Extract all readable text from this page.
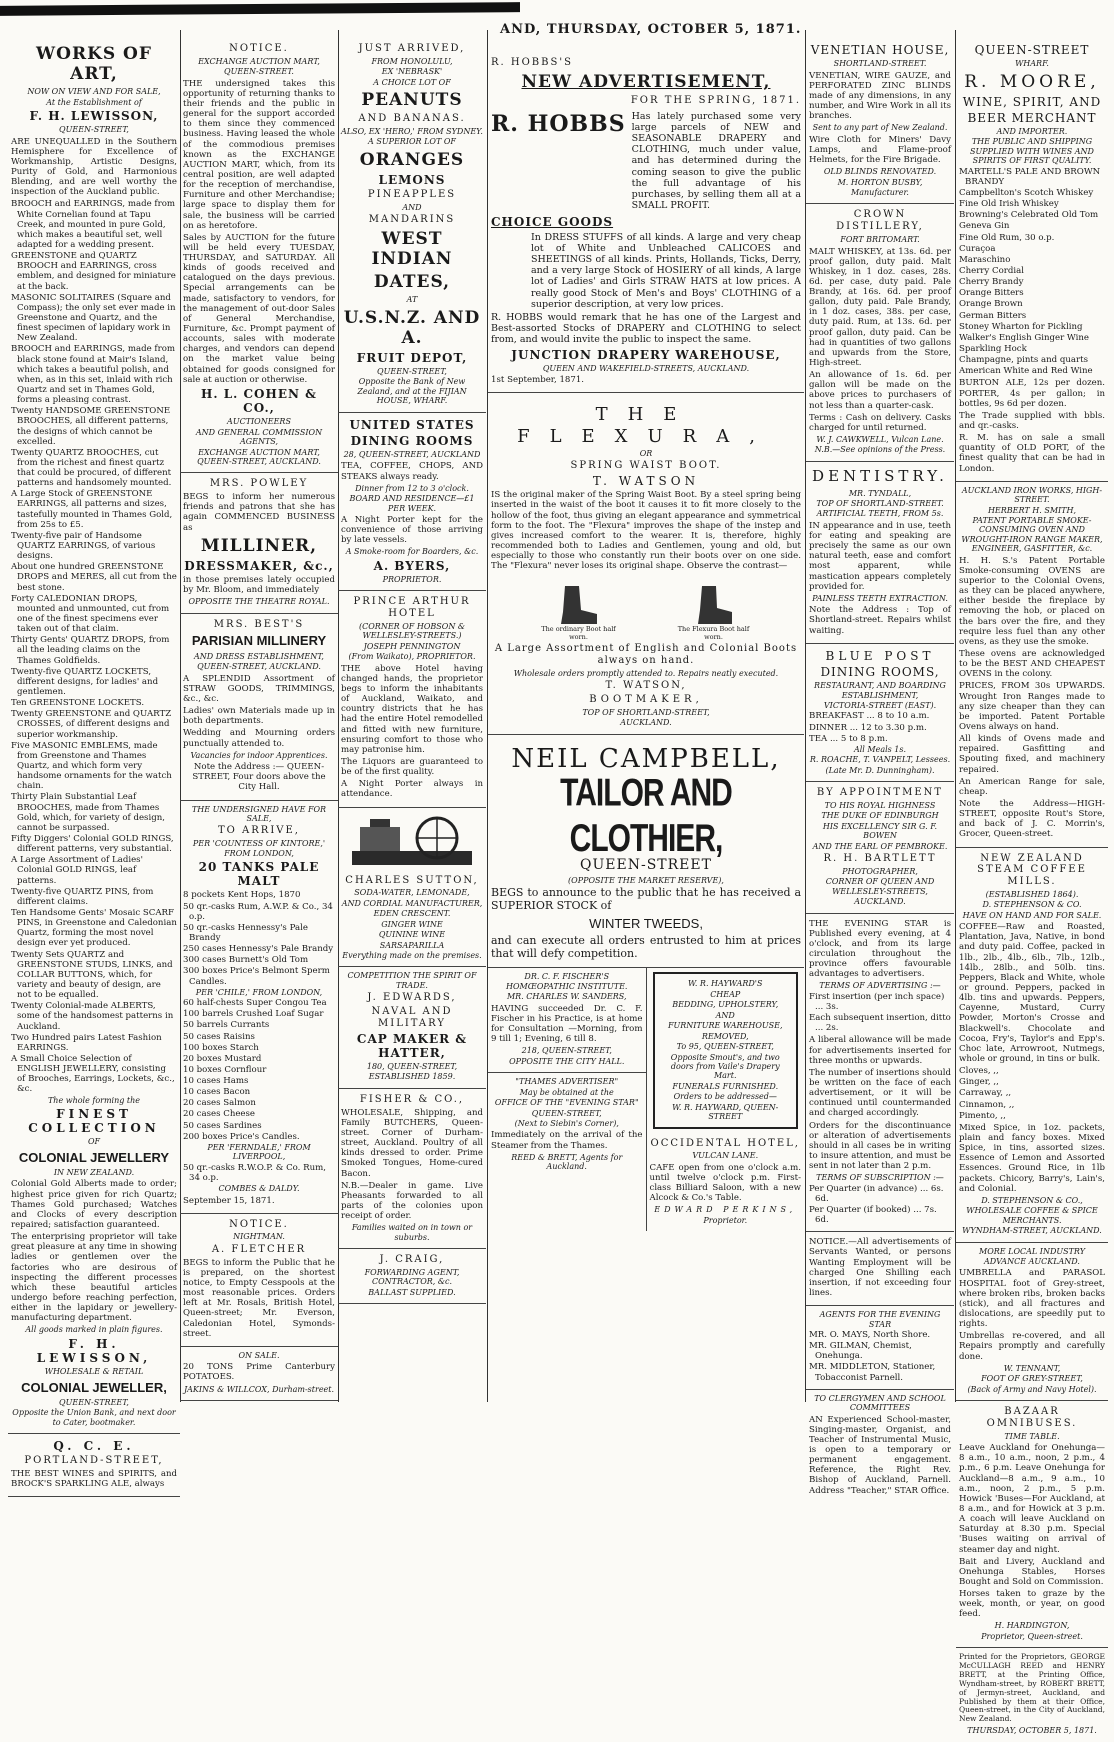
AND, THURSDAY, OCTOBER 5, 1871.
WORKS OF ART,
NOW ON VIEW AND FOR SALE,
At the Establishment of
F. H. LEWISSON,
QUEEN-STREET,
ARE UNEQUALLED in the Southern Hemisphere for Excellence of Workmanship, Artistic Designs, Purity of Gold, and Harmonious Blending, and are well worthy the inspection of the Auckland public.
BROOCH and EARRINGS, made from White Cornelian found at Tapu Creek, and mounted in pure Gold, which makes a beautiful set, well adapted for a wedding present.
GREENSTONE and QUARTZ BROOCH and EARRINGS, cross emblem, and designed for miniature at the back.
MASONIC SOLITAIRES (Square and Compass); the only set ever made in Greenstone and Quartz, and the finest specimen of lapidary work in New Zealand.
BROOCH and EARRINGS, made from black stone found at Mair's Island, which takes a beautiful polish, and when, as in this set, inlaid with rich Quartz and set in Thames Gold, forms a pleasing contrast.
Twenty HANDSOME GREENSTONE BROOCHES, all different patterns, the designs of which cannot be excelled.
Twenty QUARTZ BROOCHES, cut from the richest and finest quartz that could be procured, of different patterns and handsomely mounted.
A Large Stock of GREENSTONE EARRINGS, all patterns and sizes, tastefully mounted in Thames Gold, from 25s to £5.
Twenty-five pair of Handsome QUARTZ EARRINGS, of various designs.
About one hundred GREENSTONE DROPS and MERES, all cut from the best stone.
Forty CALEDONIAN DROPS, mounted and unmounted, cut from one of the finest specimens ever taken out of that claim.
Thirty Gents' QUARTZ DROPS, from all the leading claims on the Thames Goldfields.
Twenty-five QUARTZ LOCKETS, different designs, for ladies' and gentlemen.
Ten GREENSTONE LOCKETS.
Twenty GREENSTONE and QUARTZ CROSSES, of different designs and superior workmanship.
Five MASONIC EMBLEMS, made from Greenstone and Thames Quartz, and which form very handsome ornaments for the watch chain.
Thirty Plain Substantial Leaf BROOCHES, made from Thames Gold, which, for variety of design, cannot be surpassed.
Fifty Diggers' Colonial GOLD RINGS, different patterns, very substantial.
A Large Assortment of Ladies' Colonial GOLD RINGS, leaf patterns.
Twenty-five QUARTZ PINS, from different claims.
Ten Handsome Gents' Mosaic SCARF PINS, in Greenstone and Caledonian Quartz, forming the most novel design ever yet produced.
Twenty Sets QUARTZ and GREENSTONE STUDS, LINKS, and COLLAR BUTTONS, which, for variety and beauty of design, are not to be equalled.
Twenty Colonial-made ALBERTS, some of the handsomest patterns in Auckland.
Two Hundred pairs Latest Fashion EARRINGS.
A Small Choice Selection of ENGLISH JEWELLERY, consisting of Brooches, Earrings, Lockets, &c., &c.
The whole forming the
FINEST COLLECTION
OF
COLONIAL JEWELLERY
IN NEW ZEALAND.
Colonial Gold Alberts made to order; highest price given for rich Quartz; Thames Gold purchased; Watches and Clocks of every description repaired; satisfaction guaranteed.
The enterprising proprietor will take great pleasure at any time in showing ladies or gentlemen over the factories who are desirous of inspecting the different processes which these beautiful articles undergo before reaching perfection, either in the lapidary or jewellery-manufacturing department.
All goods marked in plain figures.
F. H. LEWISSON,
WHOLESALE & RETAIL
COLONIAL JEWELLER,
QUEEN-STREET,
Opposite the Union Bank, and next door to Cater, bootmaker.
Q. C. E.
PORTLAND-STREET,
THE BEST WINES and SPIRITS, and BROCK'S SPARKLING ALE, always
NOTICE.
EXCHANGE AUCTION MART,
QUEEN-STREET.
THE undersigned takes this opportunity of returning thanks to their friends and the public in general for the support accorded to them since they commenced business. Having leased the whole of the commodious premises known as the EXCHANGE AUCTION MART, which, from its central position, are well adapted for the reception of merchandise, Furniture and other Merchandise; large space to display them for sale, the business will be carried on as heretofore.
Sales by AUCTION for the future will be held every TUESDAY, THURSDAY, and SATURDAY. All kinds of goods received and catalogued on the days previous. Special arrangements can be made, satisfactory to vendors, for the management of out-door Sales of General Merchandise, Furniture, &c. Prompt payment of accounts, sales with moderate charges, and vendors can depend on the market value being obtained for goods consigned for sale at auction or otherwise.
H. L. COHEN & CO.,
AUCTIONEERS
AND GENERAL COMMISSION AGENTS,
EXCHANGE AUCTION MART, QUEEN-STREET, AUCKLAND.
MRS. POWLEY
BEGS to inform her numerous friends and patrons that she has again COMMENCED BUSINESS as
MILLINER,
DRESSMAKER, &c.,
in those premises lately occupied by Mr. Bloom, and immediately
OPPOSITE THE THEATRE ROYAL.
MRS. BEST'S
PARISIAN MILLINERY
AND DRESS ESTABLISHMENT,
QUEEN-STREET, AUCKLAND.
A SPLENDID Assortment of STRAW GOODS, TRIMMINGS, &c., &c.
Ladies' own Materials made up in both departments.
Wedding and Mourning orders punctually attended to.
Vacancies for indoor Apprentices.
Note the Address :— QUEEN-STREET, Four doors above the City Hall.
THE UNDERSIGNED HAVE FOR SALE,
TO ARRIVE,
PER 'COUNTESS OF KINTORE,' FROM LONDON,
20 TANKS PALE MALT
8 pockets Kent Hops, 1870
50 qr.-casks Rum, A.W.P. & Co., 34 o.p.
50 qr.-casks Hennessy's Pale Brandy
250 cases Hennessy's Pale Brandy
300 cases Burnett's Old Tom
300 boxes Price's Belmont Sperm Candles.
PER 'CHILE,' FROM LONDON,
60 half-chests Super Congou Tea
100 barrels Crushed Loaf Sugar
50 barrels Currants
50 cases Raisins
100 boxes Starch
20 boxes Mustard
10 boxes Cornflour
10 cases Hams
10 cases Bacon
20 cases Salmon
20 cases Cheese
50 cases Sardines
200 boxes Price's Candles.
PER 'FERNDALE,' FROM LIVERPOOL,
50 qr.-casks R.W.O.P. & Co. Rum, 34 o.p.
COMBES & DALDY.
September 15, 1871.
NOTICE.
NIGHTMAN.
A. FLETCHER
BEGS to inform the Public that he is prepared, on the shortest notice, to Empty Cesspools at the most reasonable prices. Orders left at Mr. Rosals, British Hotel, Queen-street; Mr. Everson, Caledonian Hotel, Symonds-street.
ON SALE.
20 TONS Prime Canterbury POTATOES.
JAKINS & WILLCOX, Durham-street.
JUST ARRIVED,
FROM HONOLULU,
EX 'NEBRASK'
A CHOICE LOT OF
PEANUTS
AND BANANAS.
ALSO, EX 'HERO,' FROM SYDNEY.
A SUPERIOR LOT OF
ORANGES
LEMONS
PINEAPPLES
AND
MANDARINS
WEST INDIAN
DATES,
AT
U.S.N.Z. AND A.
FRUIT DEPOT,
QUEEN-STREET,
Opposite the Bank of New Zealand, and at the FIJIAN HOUSE, WHARF.
UNITED STATES
DINING ROOMS
28, QUEEN-STREET, AUCKLAND
TEA, COFFEE, CHOPS, AND STEAKS always ready.
Dinner from 12 to 3 o'clock.
BOARD AND RESIDENCE—£1 PER WEEK.
A Night Porter kept for the convenience of those arriving by late vessels.
A Smoke-room for Boarders, &c.
A. BYERS,
PROPRIETOR.
PRINCE ARTHUR HOTEL
(CORNER OF HOBSON & WELLESLEY-STREETS.)
JOSEPH PENNINGTON
(From Waikato), PROPRIETOR.
THE above Hotel having changed hands, the proprietor begs to inform the inhabitants of Auckland, Waikato, and country districts that he has had the entire Hotel remodelled and fitted with new furniture, ensuring comfort to those who may patronise him.
The Liquors are guaranteed to be of the first quality.
A Night Porter always in attendance.
CHARLES SUTTON,
SODA-WATER, LEMONADE,
AND CORDIAL MANUFACTURER,
EDEN CRESCENT.
GINGER WINE
QUININE WINE
SARSAPARILLA
Everything made on the premises.
COMPETITION THE SPIRIT OF TRADE.
J. EDWARDS,
NAVAL AND MILITARY
CAP MAKER & HATTER,
180, QUEEN-STREET,
ESTABLISHED 1859.
FISHER & CO.,
WHOLESALE, Shipping, and Family BUTCHERS, Queen-street. Corner of Durham-street, Auckland. Poultry of all kinds dressed to order. Prime Smoked Tongues, Home-cured Bacon.
N.B.—Dealer in game. Live Pheasants forwarded to all parts of the colonies upon receipt of order.
Families waited on in town or suburbs.
J. CRAIG,
FORWARDING AGENT, CONTRACTOR, &c.
BALLAST SUPPLIED.
R. HOBBS'S
NEW ADVERTISEMENT,
FOR THE SPRING, 1871.
R. HOBBS Has lately purchased some very large parcels of NEW and SEASONABLE DRAPERY and CLOTHING, much under value, and has determined during the coming season to give the public the full advantage of his purchases, by selling them all at a SMALL PROFIT.
CHOICE GOODS
In DRESS STUFFS of all kinds. A large and very cheap lot of White and Unbleached CALICOES and SHEETINGS of all kinds. Prints, Hollands, Ticks, Derry, and a very large Stock of HOSIERY of all kinds, A large lot of Ladies' and Girls STRAW HATS at low prices. A really good Stock of Men's and Boys' CLOTHING of a superior description, at very low prices.
R. HOBBS would remark that he has one of the Largest and Best-assorted Stocks of DRAPERY and CLOTHING to select from, and would invite the public to inspect the same.
JUNCTION DRAPERY WAREHOUSE,
QUEEN AND WAKEFIELD-STREETS, AUCKLAND.
1st September, 1871.
THE FLEXURA,
OR
SPRING WAIST BOOT.
T. WATSON
IS the original maker of the Spring Waist Boot. By a steel spring being inserted in the waist of the boot it causes it to fit more closely to the hollow of the foot, thus giving an elegant appearance and symmetrical form to the foot. The "Flexura" improves the shape of the instep and gives increased comfort to the wearer. It is, therefore, highly recommended both to Ladies and Gentlemen, young and old, but especially to those who constantly run their boots over on one side. The "Flexura" never loses its original shape. Observe the contrast—
The ordinary Boot half worn.
The Flexura Boot half worn.
A Large Assortment of English and Colonial Boots always on hand.
Wholesale orders promptly attended to. Repairs neatly executed.
T. WATSON,
BOOTMAKER,
TOP OF SHORTLAND-STREET,
AUCKLAND.
NEIL CAMPBELL,
TAILOR AND CLOTHIER,
QUEEN-STREET
(OPPOSITE THE MARKET RESERVE),
BEGS to announce to the public that he has received a SUPERIOR STOCK of
WINTER TWEEDS,
and can execute all orders entrusted to him at prices that will defy competition.
DR. C. F. FISCHER'S HOMŒOPATHIC INSTITUTE.
MR. CHARLES W. SANDERS,
HAVING succeeded Dr. C. F. Fischer in his Practice, is at home for Consultation —Morning, from 9 till 1; Evening, 6 till 8.
218, QUEEN-STREET,
OPPOSITE THE CITY HALL.
"THAMES ADVERTISER"
May be obtained at the
OFFICE OF THE "EVENING STAR"
QUEEN-STREET,
(Next to Siebin's Corner),
Immediately on the arrival of the Steamer from the Thames.
REED & BRETT, Agents for Auckland.
W. R. HAYWARD'S
CHEAP
BEDDING, UPHOLSTERY,
AND
FURNITURE WAREHOUSE,
REMOVED,
To 95, QUEEN-STREET,
Opposite Smout's, and two doors from Vaile's Drapery Mart.
FUNERALS FURNISHED.
Orders to be addressed—
W. R. HAYWARD, QUEEN-STREET
OCCIDENTAL HOTEL,
VULCAN LANE.
CAFE open from one o'clock a.m. until twelve o'clock p.m. First-class Billiard Saloon, with a new Alcock & Co.'s Table.
EDWARD PERKINS,
Proprietor.
VENETIAN HOUSE,
SHORTLAND-STREET.
VENETIAN, WIRE GAUZE, and PERFORATED ZINC BLINDS made of any dimensions, in any number, and Wire Work in all its branches.
Sent to any part of New Zealand.
Wire Cloth for Miners' Davy Lamps, and Flame-proof Helmets, for the Fire Brigade.
OLD BLINDS RENOVATED.
M. HORTON BUSBY,
Manufacturer.
CROWN DISTILLERY,
FORT BRITOMART.
MALT WHISKEY, at 13s. 6d. per proof gallon, duty paid. Malt Whiskey, in 1 doz. cases, 28s. 6d. per case, duty paid. Pale Brandy, at 16s. 6d. per proof gallon, duty paid. Pale Brandy, in 1 doz. cases, 38s. per case, duty paid. Rum, at 13s. 6d. per proof gallon, duty paid. Can be had in quantities of two gallons and upwards from the Store, High-street.
An allowance of 1s. 6d. per gallon will be made on the above prices to purchasers of not less than a quarter-cask.
Terms : Cash on delivery. Casks charged for until returned.
W. J. CAWKWELL, Vulcan Lane.
N.B.—See opinions of the Press.
DENTISTRY.
MR. TYNDALL,
TOP OF SHORTLAND-STREET.
ARTIFICIAL TEETH, FROM 5s.
IN appearance and in use, teeth for eating and speaking are precisely the same as our own natural teeth, ease and comfort most apparent, while mastication appears completely provided for.
PAINLESS TEETH EXTRACTION.
Note the Address : Top of Shortland-street. Repairs whilst waiting.
BLUE POST
DINING ROOMS,
RESTAURANT, AND BOARDING ESTABLISHMENT,
VICTORIA-STREET (EAST).
BREAKFAST ... 8 to 10 a.m.
DINNER ... 12 to 3.30 p.m.
TEA ... 5 to 8 p.m.
All Meals 1s.
R. ROACHE, T. VANPELT, Lessees.
(Late Mr. D. Dunningham).
BY APPOINTMENT
TO HIS ROYAL HIGHNESS
THE DUKE OF EDINBURGH
HIS EXCELLENCY SIR G. F. BOWEN
AND THE EARL OF PEMBROKE.
R. H. BARTLETT
PHOTOGRAPHER,
CORNER OF QUEEN AND WELLESLEY-STREETS,
AUCKLAND.
THE EVENING STAR is Published every evening, at 4 o'clock, and from its large circulation throughout the province offers favourable advantages to advertisers.
TERMS OF ADVERTISING :—
First insertion (per inch space) ... 3s.
Each subsequent insertion, ditto ... 2s.
A liberal allowance will be made for advertisements inserted for three months or upwards.
The number of insertions should be written on the face of each advertisement, or it will be continued until countermanded and charged accordingly.
Orders for the discontinuance or alteration of advertisements should in all cases be in writing to insure attention, and must be sent in not later than 2 p.m.
TERMS OF SUBSCRIPTION :—
Per Quarter (in advance) ... 6s. 6d.
Per Quarter (if booked) ... 7s. 6d.
NOTICE.—All advertisements of Servants Wanted, or persons Wanting Employment will be charged One Shilling each insertion, if not exceeding four lines.
AGENTS FOR THE EVENING STAR
MR. O. MAYS, North Shore.
MR. GILMAN, Chemist, Onehunga.
MR. MIDDLETON, Stationer, Tobacconist Parnell.
TO CLERGYMEN AND SCHOOL COMMITTEES
AN Experienced School-master, Singing-master, Organist, and Teacher of Instrumental Music, is open to a temporary or permanent engagement. Reference, the Right Rev. Bishop of Auckland, Parnell. Address "Teacher," STAR Office.
QUEEN-STREET
WHARF.
R. MOORE,
WINE, SPIRIT, AND
BEER MERCHANT
AND IMPORTER.
THE PUBLIC AND SHIPPING SUPPLIED WITH WINES AND SPIRITS OF FIRST QUALITY.
MARTELL'S PALE AND BROWN BRANDY
Campbellton's Scotch Whiskey
Fine Old Irish Whiskey
Browning's Celebrated Old Tom
Geneva Gin
Fine Old Rum, 30 o.p.
Curaçoa
Maraschino
Cherry Cordial
Cherry Brandy
Orange Bitters
Orange Brown
German Bitters
Stoney Wharton for Pickling
Walker's English Ginger Wine
Sparkling Hock
Champagne, pints and quarts
American White and Red Wine
BURTON ALE, 12s per dozen. PORTER, 4s per gallon; in bottles, 9s 6d per dozen.
The Trade supplied with bbls. and qr.-casks.
R. M. has on sale a small quantity of OLD PORT, of the finest quality that can be had in London.
AUCKLAND IRON WORKS, HIGH-STREET.
HERBERT H. SMITH,
PATENT PORTABLE SMOKE-CONSUMING OVEN AND WROUGHT-IRON RANGE MAKER, ENGINEER, GASFITTER, &c.
H. H. S.'s Patent Portable Smoke-consuming OVENS are superior to the Colonial Ovens, as they can be placed anywhere, either beside the fireplace by removing the hob, or placed on the bars over the fire, and they require less fuel than any other ovens, as they use the smoke.
These ovens are acknowledged to be the BEST AND CHEAPEST OVENS in the colony.
PRICES, FROM 30s UPWARDS. Wrought Iron Ranges made to any size cheaper than they can be imported. Patent Portable Ovens always on hand.
All kinds of Ovens made and repaired. Gasfitting and Spouting fixed, and machinery repaired.
An American Range for sale, cheap.
Note the Address—HIGH-STREET, opposite Rout's Store, and back of J. C. Morrin's, Grocer, Queen-street.
NEW ZEALAND STEAM COFFEE MILLS.
(ESTABLISHED 1864).
D. STEPHENSON & CO.
HAVE ON HAND AND FOR SALE.
COFFEE—Raw and Roasted, Plantation, Java, Native, in bond and duty paid. Coffee, packed in 1lb., 2lb., 4lb., 6lb., 7lb., 12lb., 14lb., 28lb., and 50lb. tins. Peppers, Black and White, whole or ground. Peppers, packed in 4lb. tins and upwards. Peppers, Cayenne, Mustard, Curry Powder, Morton's Crosse and Blackwell's. Chocolate and Cocoa, Fry's, Taylor's and Epp's. Choc late, Arrowroot, Nutmegs, whole or ground, in tins or bulk.
Cloves, ,,
Ginger, ,,
Carraway, ,,
Cinnamon, ,,
Pimento, ,,
Mixed Spice, in 1oz. packets, plain and fancy boxes. Mixed Spice, in tins, assorted sizes. Essence of Lemon and Assorted Essences. Ground Rice, in 1lb packets. Chicory, Barry's, Lain's, and Colonial.
D. STEPHENSON & CO.,
WHOLESALE COFFEE & SPICE MERCHANTS.
WYNDHAM-STREET, AUCKLAND.
MORE LOCAL INDUSTRY
ADVANCE AUCKLAND.
UMBRELLA and PARASOL HOSPITAL foot of Grey-street, where broken ribs, broken backs (stick), and all fractures and dislocations, are speedily put to rights.
Umbrellas re-covered, and all Repairs promptly and carefully done.
W. TENNANT,
FOOT OF GREY-STREET,
(Back of Army and Navy Hotel).
BAZAAR OMNIBUSES.
TIME TABLE.
Leave Auckland for Onehunga—8 a.m., 10 a.m., noon, 2 p.m., 4 p.m., 6 p.m. Leave Onehunga for Auckland—8 a.m., 9 a.m., 10 a.m., noon, 2 p.m., 5 p.m. Howick 'Buses—For Auckland, at 8 a.m., and for Howick at 3 p.m. A coach will leave Auckland on Saturday at 8.30 p.m. Special 'Buses waiting on arrival of steamer day and night.
Bait and Livery, Auckland and Onehunga Stables, Horses Bought and Sold on Commission.
Horses taken to graze by the week, month, or year, on good feed.
H. HARDINGTON,
Proprietor, Queen-street.
Printed for the Proprietors, GEORGE McCULLAGH REED and HENRY BRETT, at the Printing Office, Wyndham-street, by ROBERT BRETT, of Jermyn-street, Auckland, and Published by them at their Office, Queen-street, in the City of Auckland, New Zealand.
THURSDAY, OCTOBER 5, 1871.
